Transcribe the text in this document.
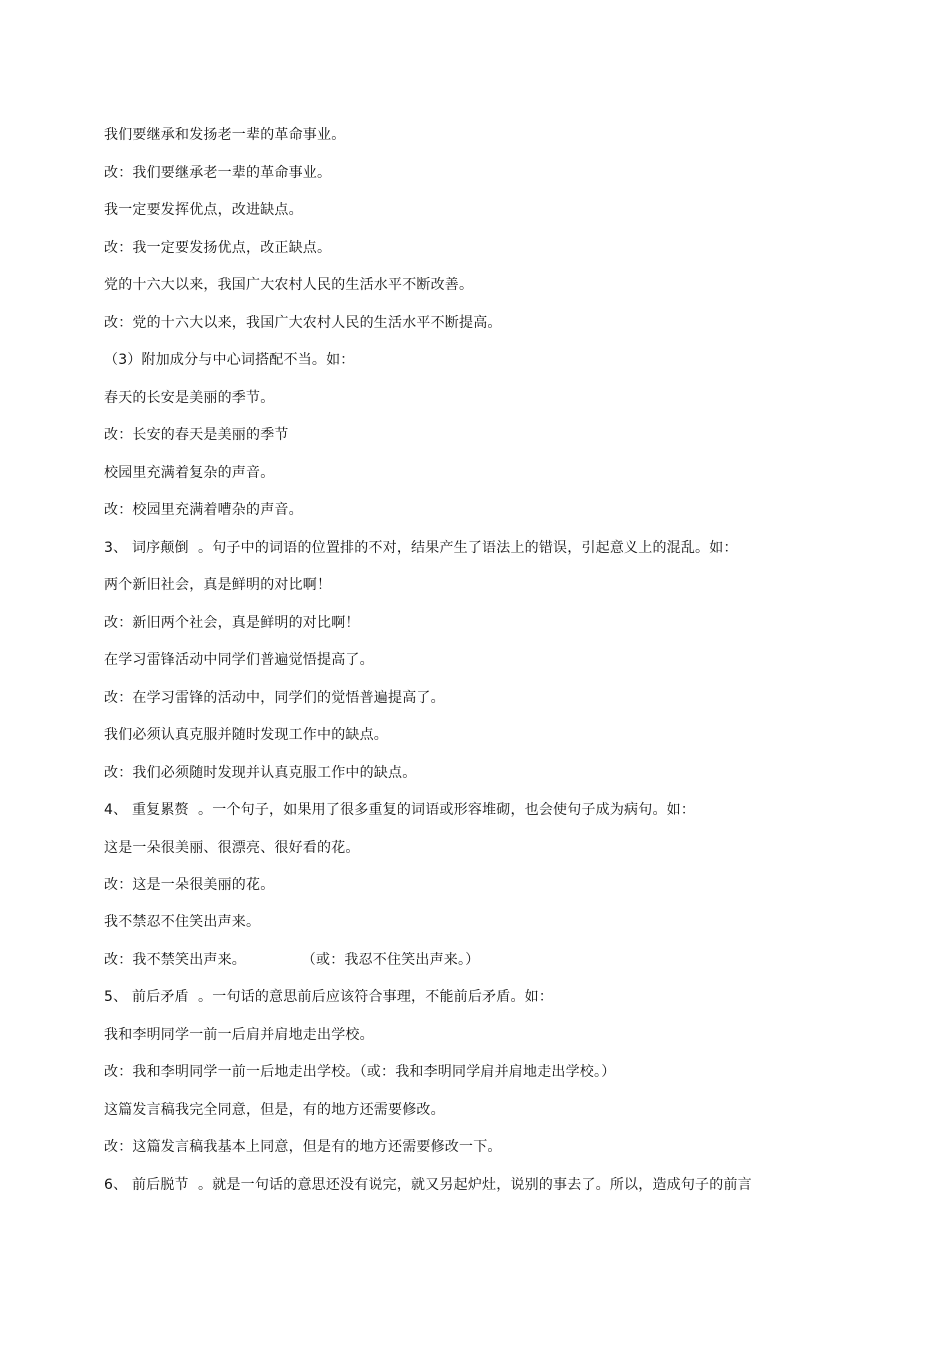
我们要继承和发扬老一辈的革命事业。
改：我们要继承老一辈的革命事业。
我一定要发挥优点，改进缺点。
改：我一定要发扬优点，改正缺点。
党的十六大以来，我国广大农村人民的生活水平不断改善。
改：党的十六大以来，我国广大农村人民的生活水平不断提高。
（3）附加成分与中心词搭配不当。如：
春天的长安是美丽的季节。
改：长安的春天是美丽的季节
校园里充满着复杂的声音。
改：校园里充满着嘈杂的声音。
3、 词序颠倒  。句子中的词语的位置排的不对，结果产生了语法上的错误，引起意义上的混乱。如：
两个新旧社会，真是鲜明的对比啊！
改：新旧两个社会，真是鲜明的对比啊！
在学习雷锋活动中同学们普遍觉悟提高了。
改：在学习雷锋的活动中，同学们的觉悟普遍提高了。
我们必须认真克服并随时发现工作中的缺点。
改：我们必须随时发现并认真克服工作中的缺点。
4、 重复累赘  。一个句子，如果用了很多重复的词语或形容堆砌，也会使句子成为病句。如：
这是一朵很美丽、很漂亮、很好看的花。
改：这是一朵很美丽的花。
我不禁忍不住笑出声来。
改：我不禁笑出声来。            （或：我忍不住笑出声来。）
5、 前后矛盾  。一句话的意思前后应该符合事理，不能前后矛盾。如：
我和李明同学一前一后肩并肩地走出学校。
改：我和李明同学一前一后地走出学校。（或：我和李明同学肩并肩地走出学校。）
这篇发言稿我完全同意，但是，有的地方还需要修改。
改：这篇发言稿我基本上同意，但是有的地方还需要修改一下。
6、 前后脱节  。就是一句话的意思还没有说完，就又另起炉灶，说别的事去了。所以，造成句子的前言
